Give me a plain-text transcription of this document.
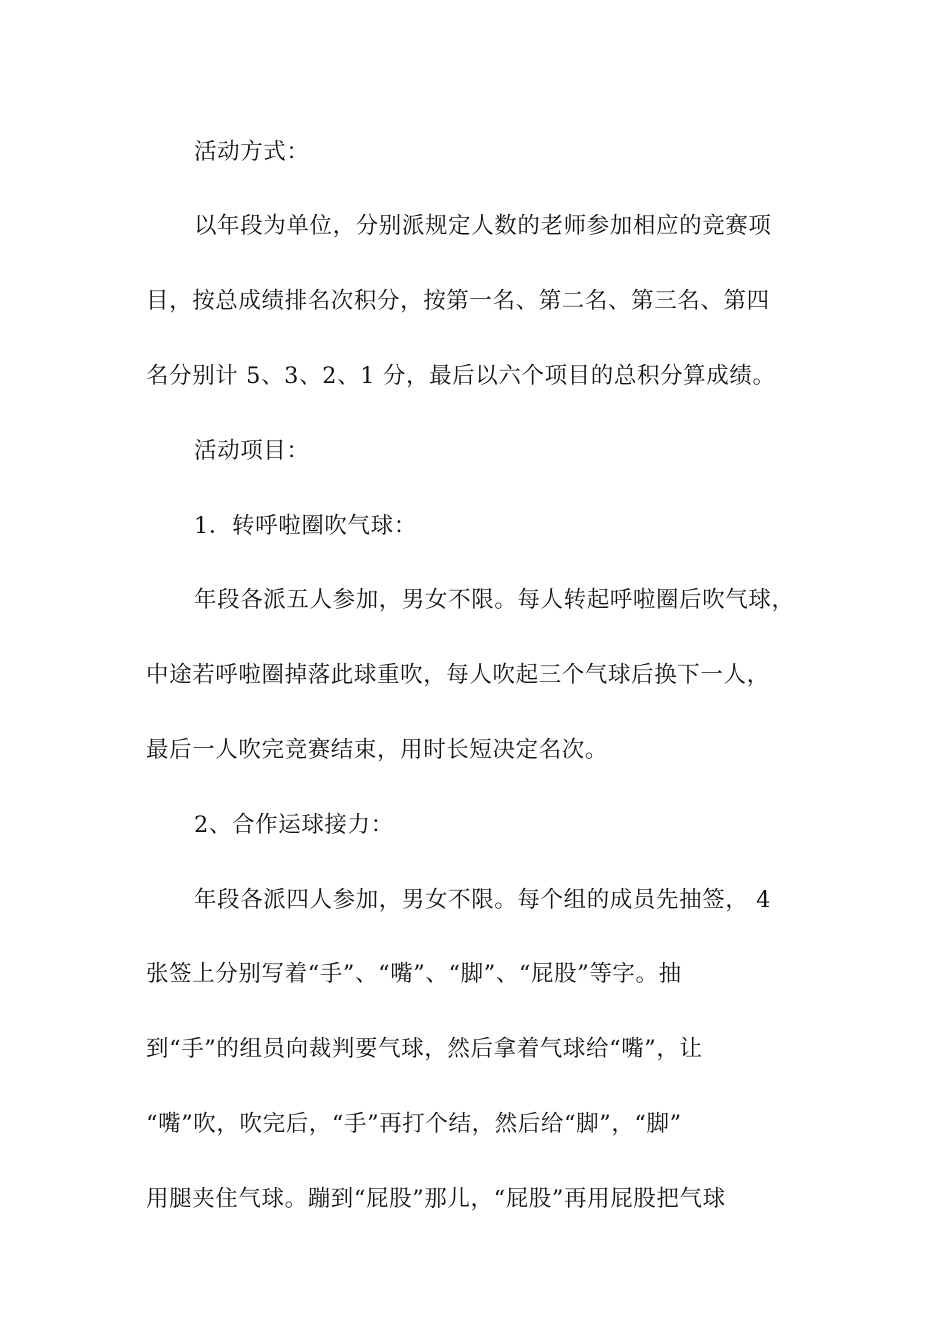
活动方式：
以年段为单位，分别派规定人数的老师参加相应的竞赛项
目，按总成绩排名次积分，按第一名、第二名、第三名、第四
名分别计 5、3、2、1 分，最后以六个项目的总积分算成绩。
活动项目：
1．转呼啦圈吹气球：
年段各派五人参加，男女不限。每人转起呼啦圈后吹气球，
中途若呼啦圈掉落此球重吹，每人吹起三个气球后换下一人，
最后一人吹完竞赛结束，用时长短决定名次。
2、合作运球接力：
年段各派四人参加，男女不限。每个组的成员先抽签， 4
张签上分别写着“手”、“嘴”、“脚”、“屁股”等字。抽
到“手”的组员向裁判要气球，然后拿着气球给“嘴”，让
“嘴”吹，吹完后，“手”再打个结，然后给“脚”，“脚”
用腿夹住气球。蹦到“屁股”那儿，“屁股”再用屁股把气球
